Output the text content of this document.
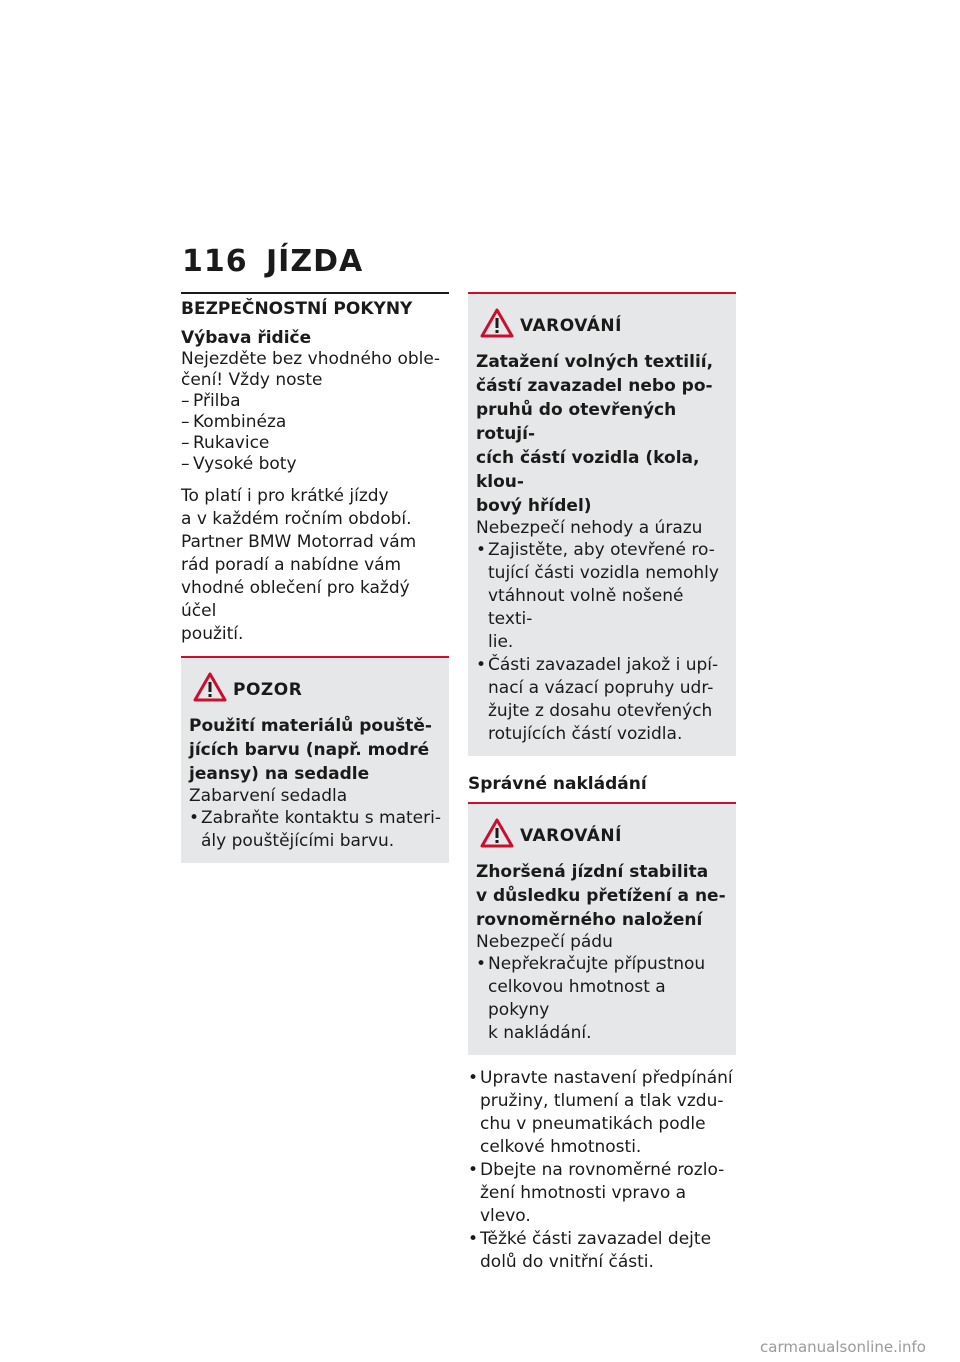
116 JÍZDA
BEZPEČNOSTNÍ POKYNY
Výbava řidiče

Nejezděte bez vhodného oble-

čení! Vždy noste

– Přilba
– Kombinéza
– Rukavice
– Vysoké boty
To platí i pro krátké jízdy
a v každém ročním období.
Partner BMW Motorrad vám
rád poradí a nabídne vám
vhodné oblečení pro každý účel
použití.
POZOR
Použití materiálů pouště-
jících barvu (např. modré
jeansy) na sedadle
Zabarvení sedadla
• Zabraňte kontaktu s materi-
ály pouštějícími barvu.
VAROVÁNÍ
Zatažení volných textilií,
částí zavazadel nebo po-
pruhů do otevřených rotují-
cích částí vozidla (kola, klou-
bový hřídel)
Nebezpečí nehody a úrazu
• Zajistěte, aby otevřené ro-
tující části vozidla nemohly
vtáhnout volně nošené texti-
lie.
• Části zavazadel jakož i upí-
nací a vázací popruhy udr-
žujte z dosahu otevřených
rotujících částí vozidla.
Správné nakládání
VAROVÁNÍ
Zhoršená jízdní stabilita
v důsledku přetížení a ne-
rovnoměrného naložení
Nebezpečí pádu
• Nepřekračujte přípustnou
celkovou hmotnost a pokyny
k nakládání.
• Upravte nastavení předpínání
pružiny, tlumení a tlak vzdu-
chu v pneumatikách podle
celkové hmotnosti.
• Dbejte na rovnoměrné rozlo-
žení hmotnosti vpravo a vlevo.
• Těžké části zavazadel dejte
dolů do vnitřní části.
carmanualsonline.info
